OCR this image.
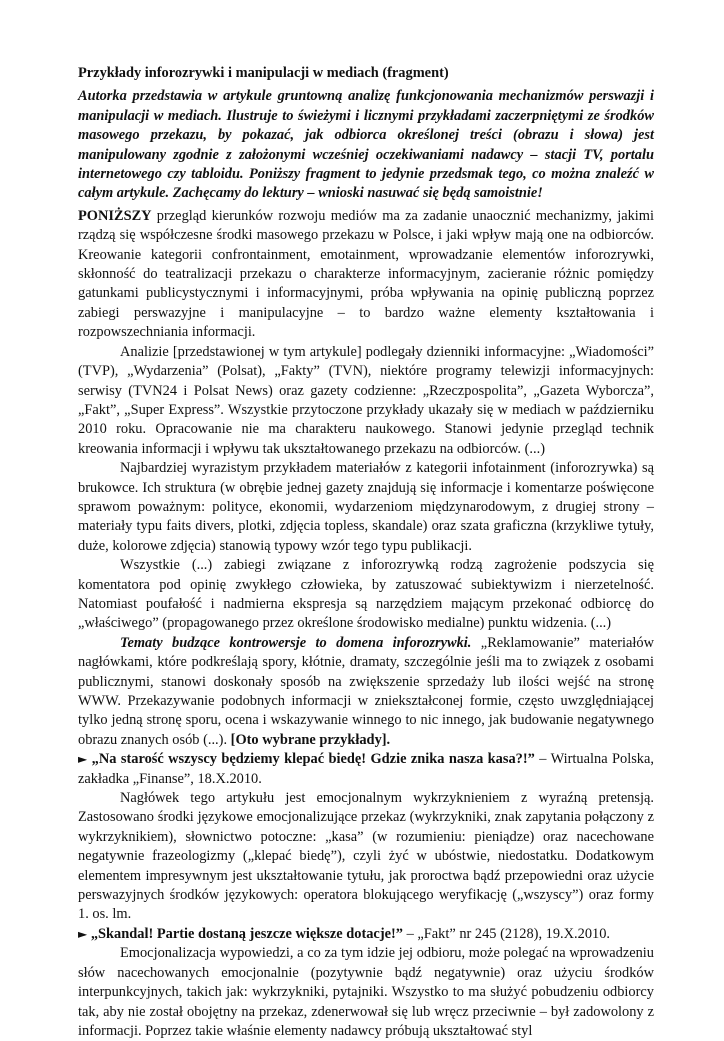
Przykłady inforozrywki i manipulacji w mediach (fragment)

Autorka przedstawia w artykule gruntowną analizę funkcjonowania mechanizmów perswazji i manipulacji w mediach. Ilustruje to świeżymi i licznymi przykładami zaczerpniętymi ze środków masowego przekazu, by pokazać, jak odbiorca określonej treści (obrazu i słowa) jest manipulowany zgodnie z założonymi wcześniej oczekiwaniami nadawcy – stacji TV, portalu internetowego czy tabloidu. Poniższy fragment to jedynie przedsmak tego, co można znaleźć w całym artykule. Zachęcamy do lektury – wnioski nasuwać się będą samoistnie!

PONIŻSZY przegląd kierunków rozwoju mediów ma za zadanie unaocznić mechanizmy, jakimi rządzą się współczesne środki masowego przekazu w Polsce, i jaki wpływ mają one na odbiorców. Kreowanie kategorii confrontainment, emotainment, wprowadzanie elementów inforozrywki, skłonność do teatralizacji przekazu o charakterze informacyjnym, zacieranie różnic pomiędzy gatunkami publicystycznymi i informacyjnymi, próba wpływania na opinię publiczną poprzez zabiegi perswazyjne i manipulacyjne – to bardzo ważne elementy kształtowania i rozpowszechniania informacji.

Analizie [przedstawionej w tym artykule] podlegały dzienniki informacyjne: „Wiadomości” (TVP), „Wydarzenia” (Polsat), „Fakty” (TVN), niektóre programy telewizji informacyjnych: serwisy (TVN24 i Polsat News) oraz gazety codzienne: „Rzeczpospolita”, „Gazeta Wyborcza”, „Fakt”, „Super Express”. Wszystkie przytoczone przykłady ukazały się w mediach w październiku 2010 roku. Opracowanie nie ma charakteru naukowego. Stanowi jedynie przegląd technik kreowania informacji i wpływu tak ukształtowanego przekazu na odbiorców. (...)

Najbardziej wyrazistym przykładem materiałów z kategorii infotainment (inforozrywka) są brukowce. Ich struktura (w obrębie jednej gazety znajdują się informacje i komentarze poświęcone sprawom poważnym: polityce, ekonomii, wydarzeniom międzynarodowym, z drugiej strony – materiały typu faits divers, plotki, zdjęcia topless, skandale) oraz szata graficzna (krzykliwe tytuły, duże, kolorowe zdjęcia) stanowią typowy wzór tego typu publikacji.

Wszystkie (...) zabiegi związane z inforozrywką rodzą zagrożenie podszycia się komentatora pod opinię zwykłego człowieka, by zatuszować subiektywizm i nierzetelność. Natomiast poufałość i nadmierna ekspresja są narzędziem mającym przekonać odbiorcę do „właściwego” (propagowanego przez określone środowisko medialne) punktu widzenia. (...)

Tematy budzące kontrowersje to domena inforozrywki. „Reklamowanie” materiałów nagłówkami, które podkreślają spory, kłótnie, dramaty, szczególnie jeśli ma to związek z osobami publicznymi, stanowi doskonały sposób na zwiększenie sprzedaży lub ilości wejść na stronę WWW. Przekazywanie podobnych informacji w zniekształconej formie, często uwzględniającej tylko jedną stronę sporu, ocena i wskazywanie winnego to nic innego, jak budowanie negatywnego obrazu znanych osób (...). [Oto wybrane przykłady].

► „Na starość wszyscy będziemy klepać biedę! Gdzie znika nasza kasa?!” – Wirtualna Polska, zakładka „Finanse”, 18.X.2010.

Nagłówek tego artykułu jest emocjonalnym wykrzyknieniem z wyraźną pretensją. Zastosowano środki językowe emocjonalizujące przekaz (wykrzykniki, znak zapytania połączony z wykrzyknikiem), słownictwo potoczne: „kasa” (w rozumieniu: pieniądze) oraz nacechowane negatywnie frazeologizmy („klepać biedę”), czyli żyć w ubóstwie, niedostatku. Dodatkowym elementem impresywnym jest ukształtowanie tytułu, jak proroctwa bądź przepowiedni oraz użycie perswazyjnych środków językowych: operatora blokującego weryfikację („wszyscy”) oraz formy 1. os. lm.

► „Skandal! Partie dostaną jeszcze większe dotacje!” – „Fakt” nr 245 (2128), 19.X.2010.

Emocjonalizacja wypowiedzi, a co za tym idzie jej odbioru, może polegać na wprowadzeniu słów nacechowanych emocjonalnie (pozytywnie bądź negatywnie) oraz użyciu środków interpunkcyjnych, takich jak: wykrzykniki, pytajniki. Wszystko to ma służyć pobudzeniu odbiorcy tak, aby nie został obojętny na przekaz, zdenerwował się lub wręcz przeciwnie – był zadowolony z informacji. Poprzez takie właśnie elementy nadawcy próbują ukształtować styl
